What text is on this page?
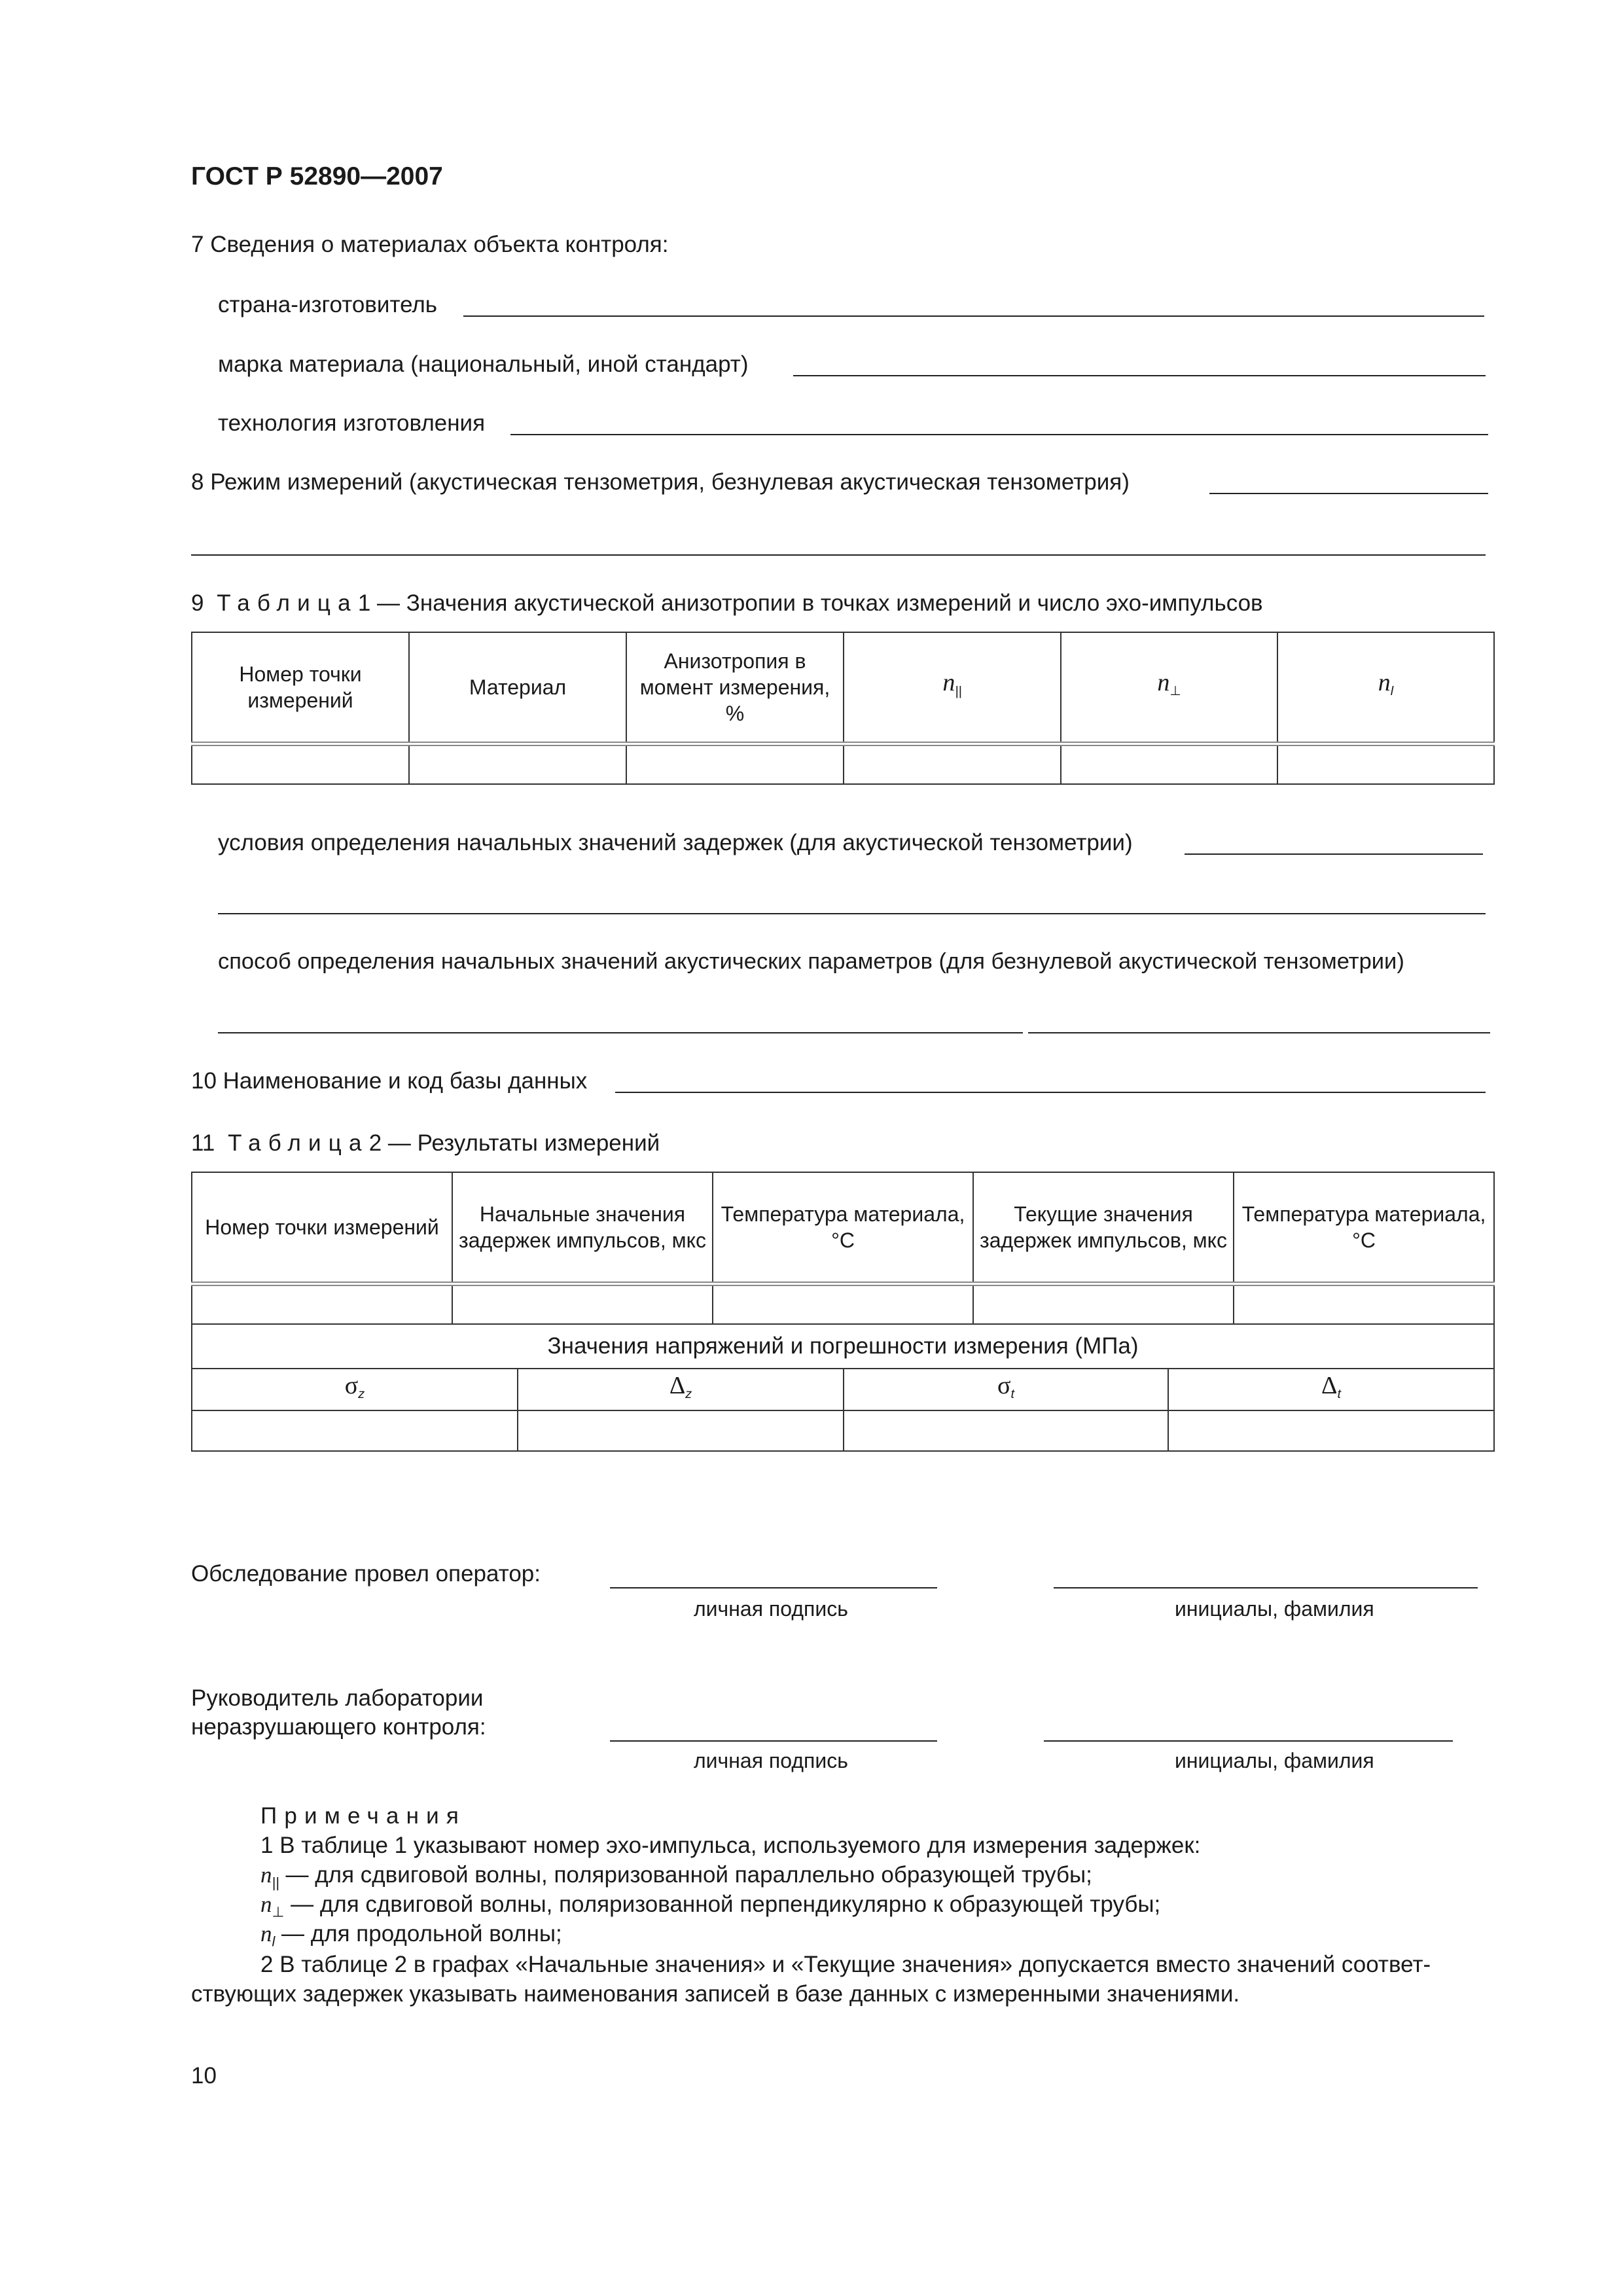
ГОСТ Р 52890—2007
7 Сведения о материалах объекта контроля:
страна-изготовитель
марка материала (национальный, иной стандарт)
технология изготовления
8 Режим измерений (акустическая тензометрия, безнулевая акустическая тензометрия)
9 Таблица1 — Значения акустической анизотропии в точках измерений и число эхо-импульсов
Номер точки измерений	Материал	Анизотропия в момент измерения, %	$n_{||}$	$n_\perp$	$n_l$

условия определения начальных значений задержек (для акустической тензометрии)
способ определения начальных значений акустических параметров (для безнулевой акустической тензометрии)
10 Наименование и код базы данных
11 Таблица2 — Результаты измерений
Номер точки измерений	Начальные значения задержек импульсов, мкс		Температура материала, °С		Текущие значения задержек импульсов, мкс		Температура материала, °С

Значения напряжений и погрешности измерения (МПа)							
$\sigma_z$		$\Delta_z$		$\sigma_t$		$\Delta_t$

Обследование провел оператор:
личная подпись	инициалы, фамилия
Руководитель лаборатории
неразрушающего контроля:
личная подпись	инициалы, фамилия
Примечания
1 В таблице 1 указывают номер эхо-импульса, используемого для измерения задержек:
$n_{||}$ — для сдвиговой волны, поляризованной параллельно образующей трубы;
$n_\perp$ — для сдвиговой волны, поляризованной перпендикулярно к образующей трубы;
$n_l$ — для продольной волны;
2 В таблице 2 в графах «Начальные значения» и «Текущие значения» допускается вместо значений соответ-
ствующих задержек указывать наименования записей в базе данных с измеренными значениями.
10
